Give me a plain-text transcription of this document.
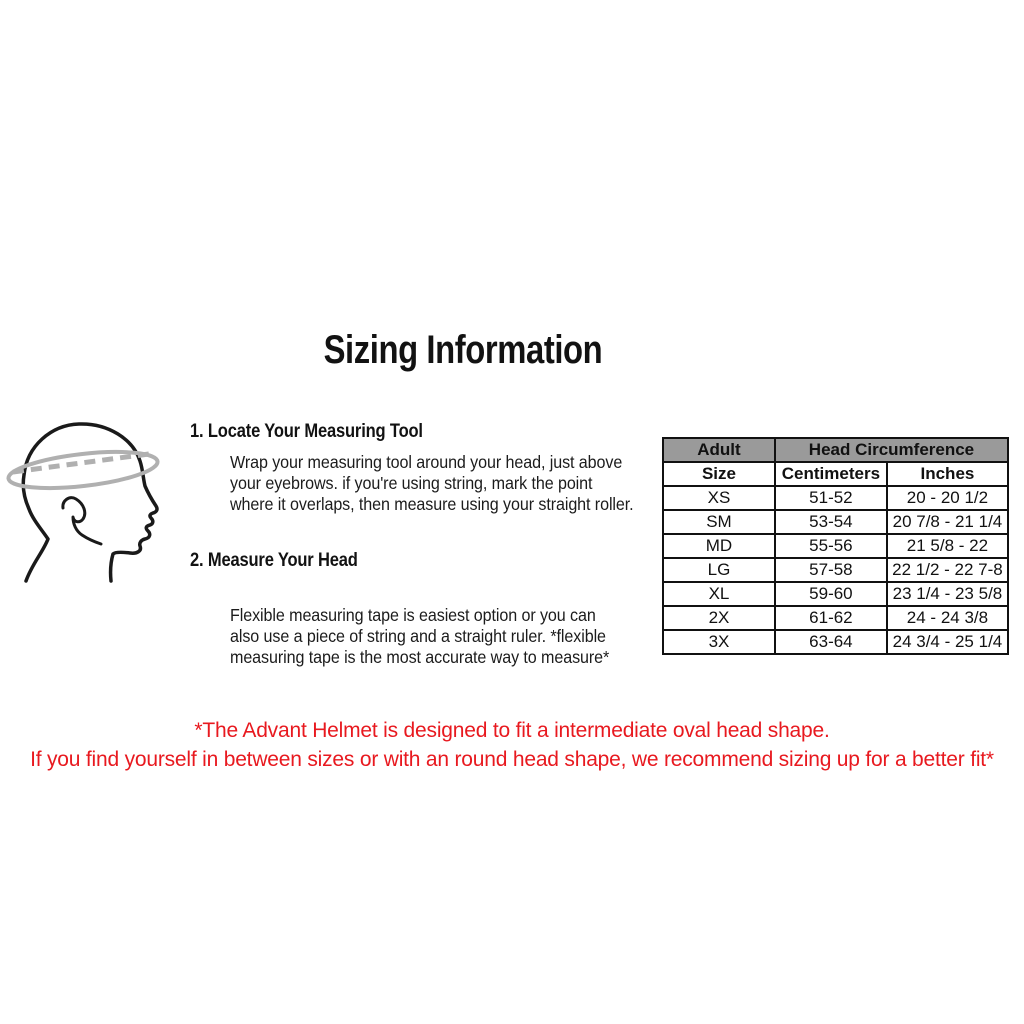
Sizing Information
1. Locate Your Measuring Tool
Wrap your measuring tool around your head, just above
your eyebrows. if you're using string, mark the point
where it overlaps, then measure using your straight roller.
2. Measure Your Head
Flexible measuring tape is easiest option or you can
also use a piece of string and a straight ruler. *flexible
measuring tape is the most accurate way to measure*
Adult	Head Circumference	
Size	Centimeters	Inches
XS	51-52	20 - 20 1/2
SM	53-54	20 7/8 - 21 1/4
MD	55-56	21 5/8 - 22
LG	57-58	22 1/2 - 22 7-8
XL	59-60	23 1/4 - 23 5/8
2X	61-62	24 - 24 3/8
3X	63-64	24 3/4 - 25 1/4
*The Advant Helmet is designed to fit a intermediate oval head shape.
If you find yourself in between sizes or with an round head shape, we recommend sizing up for a better fit*
